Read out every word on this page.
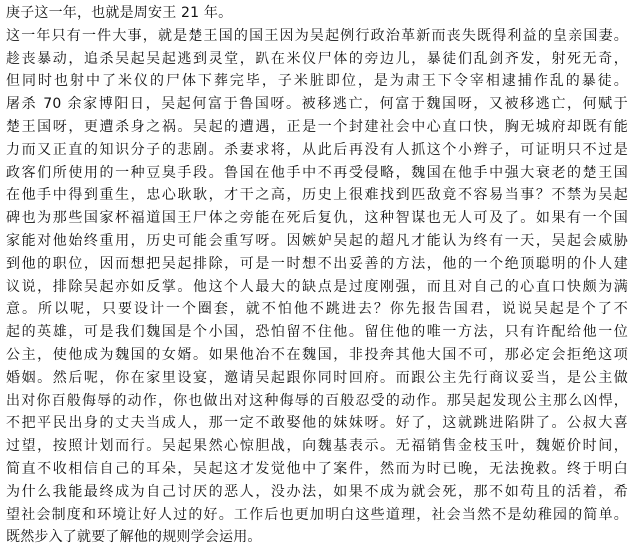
庚子这一年，也就是周安王 21 年。
这一年只有一件大事，就是楚王国的国王因为吴起例行政治革新而丧失既得利益的皇亲国妻。
趁丧暴动，追杀吴起吴起逃到灵堂，趴在米仪尸体的旁边儿，暴徒们乱剑齐发，射死无奇，
但同时也射中了米仪的尸体下葬完毕，子米脏即位，是为肃王下令宰相逮捕作乱的暴徒。
屠杀 70 余家博阳日，吴起何富于鲁国呀。被移逃亡，何富于魏国呀，又被移逃亡，何赋于
楚王国呀，更遭杀身之祸。吴起的遭遇，正是一个封建社会中心直口快，胸无城府却既有能
力而又正直的知识分子的悲剧。杀妻求将，从此后再没有人抓这个小辫子，可证明只不过是
政客们所使用的一种豆臭手段。鲁国在他手中不再受侵略，魏国在他手中强大衰老的楚王国
在他手中得到重生，忠心耿耿，才干之高，历史上很难找到匹敌竟不容易当事？不禁为吴起
碑也为那些国家杯福道国王尸体之旁能在死后复仇，这种智谋也无人可及了。如果有一个国
家能对他始终重用，历史可能会重写呀。因嫉妒吴起的超凡才能认为终有一天，吴起会威胁
到他的职位，因而想把吴起排除，可是一时想不出妥善的方法，他的一个绝顶聪明的仆人建
议说，排除吴起亦如反掌。他这个人最大的缺点是过度刚强，而且对自己的心直口快颇为满
意。所以呢，只要设计一个圈套，就不怕他不跳进去？你先报告国君，说说吴起是个了不
起的英雄，可是我们魏国是个小国，恐怕留不住他。留住他的唯一方法，只有许配给他一位
公主，使他成为魏国的女婿。如果他冶不在魏国，非投奔其他大国不可，那必定会拒绝这项
婚姻。然后呢，你在家里设宴，邀请吴起跟你同时回府。而跟公主先行商议妥当，是公主做
出对你百般侮辱的动作，你也做出对这种侮辱的百般忍受的动作。那吴起发现公主那么凶悍，
不把平民出身的丈夫当成人，那一定不敢娶他的妹妹呀。好了，这就跳进陷阱了。公叔大喜
过望，按照计划而行。吴起果然心惊胆战，向魏基表示。无福销售金枝玉叶，魏姬价时间，
简直不收相信自己的耳朵，吴起这才发觉他中了案件，然而为时已晚，无法挽救。终于明白
为什么我能最终成为自己讨厌的恶人，没办法，如果不成为就会死，那不如苟且的活着，希
望社会制度和环境让好人过的好。工作后也更加明白这些道理，社会当然不是幼稚园的简单。
既然步入了就要了解他的规则学会运用。
